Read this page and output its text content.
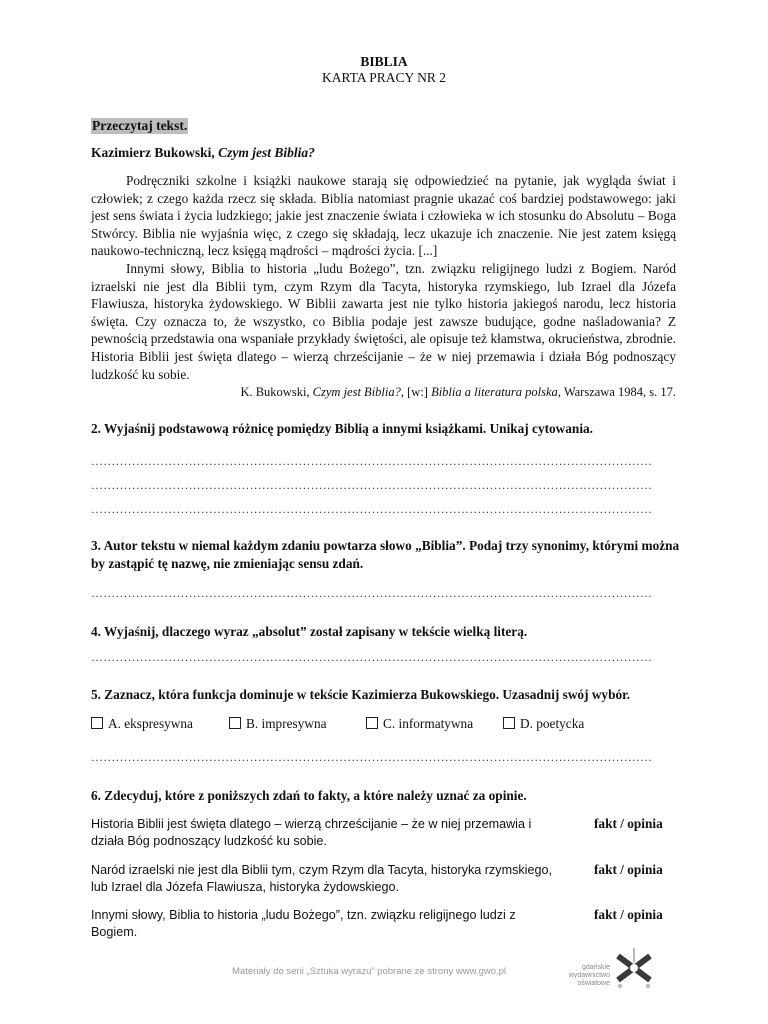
BIBLIA
KARTA PRACY NR 2
Przeczytaj tekst.
Kazimierz Bukowski, Czym jest Biblia?

Podręczniki szkolne i książki naukowe starają się odpowiedzieć na pytanie, jak wygląda świat i człowiek; z czego każda rzecz się składa. Biblia natomiast pragnie ukazać coś bardziej podstawowego: jaki jest sens świata i życia ludzkiego; jakie jest znaczenie świata i człowieka w ich stosunku do Absolutu – Boga Stwórcy. Biblia nie wyjaśnia więc, z czego się składają, lecz ukazuje ich znaczenie. Nie jest zatem księgą naukowo-techniczną, lecz księgą mądrości – mądrości życia. [...]

Innymi słowy, Biblia to historia „ludu Bożego”, tzn. związku religijnego ludzi z Bogiem. Naród izraelski nie jest dla Biblii tym, czym Rzym dla Tacyta, historyka rzymskiego, lub Izrael dla Józefa Flawiusza, historyka żydowskiego. W Biblii zawarta jest nie tylko historia jakiegoś narodu, lecz historia święta. Czy oznacza to, że wszystko, co Biblia podaje jest zawsze budujące, godne naśladowania? Z pewnością przedstawia ona wspaniałe przykłady świętości, ale opisuje też kłamstwa, okrucieństwa, zbrodnie. Historia Biblii jest święta dlatego – wierzą chrześcijanie – że w niej przemawia i działa Bóg podnoszący ludzkość ku sobie.

K. Bukowski, Czym jest Biblia?, [w:] Biblia a literatura polska, Warszawa 1984, s. 17.
2. Wyjaśnij podstawową różnicę pomiędzy Biblią a innymi książkami. Unikaj cytowania.
…………………………………………………………………………………………………………………………
…………………………………………………………………………………………………………………………
…………………………………………………………………………………………………………………………
3. Autor tekstu w niemal każdym zdaniu powtarza słowo „Biblia”. Podaj trzy synonimy, którymi można by zastąpić tę nazwę, nie zmieniając sensu zdań.
…………………………………………………………………………………………………………………………
4. Wyjaśnij, dlaczego wyraz „absolut” został zapisany w tekście wielką literą.
…………………………………………………………………………………………………………………………
5. Zaznacz, która funkcja dominuje w tekście Kazimierza Bukowskiego. Uzasadnij swój wybór.
A. ekspresywna	B. impresywna	C. informatywna	D. poetycka
…………………………………………………………………………………………………………………………
6. Zdecyduj, które z poniższych zdań to fakty, a które należy uznać za opinie.
Historia Biblii jest święta dlatego – wierzą chrześcijanie – że w niej przemawia i działa Bóg podnoszący ludzkość ku sobie.
fakt / opinia
Naród izraelski nie jest dla Biblii tym, czym Rzym dla Tacyta, historyka rzymskiego, lub Izrael dla Józefa Flawiusza, historyka żydowskiego.
fakt / opinia
Innymi słowy, Biblia to historia „ludu Bożego”, tzn. związku religijnego ludzi z Bogiem.
fakt / opinia
Materiały do serii „Sztuka wyrazu” pobrane ze strony www.gwo.pl	gdańskie
wydawnictwo
oświatowe
